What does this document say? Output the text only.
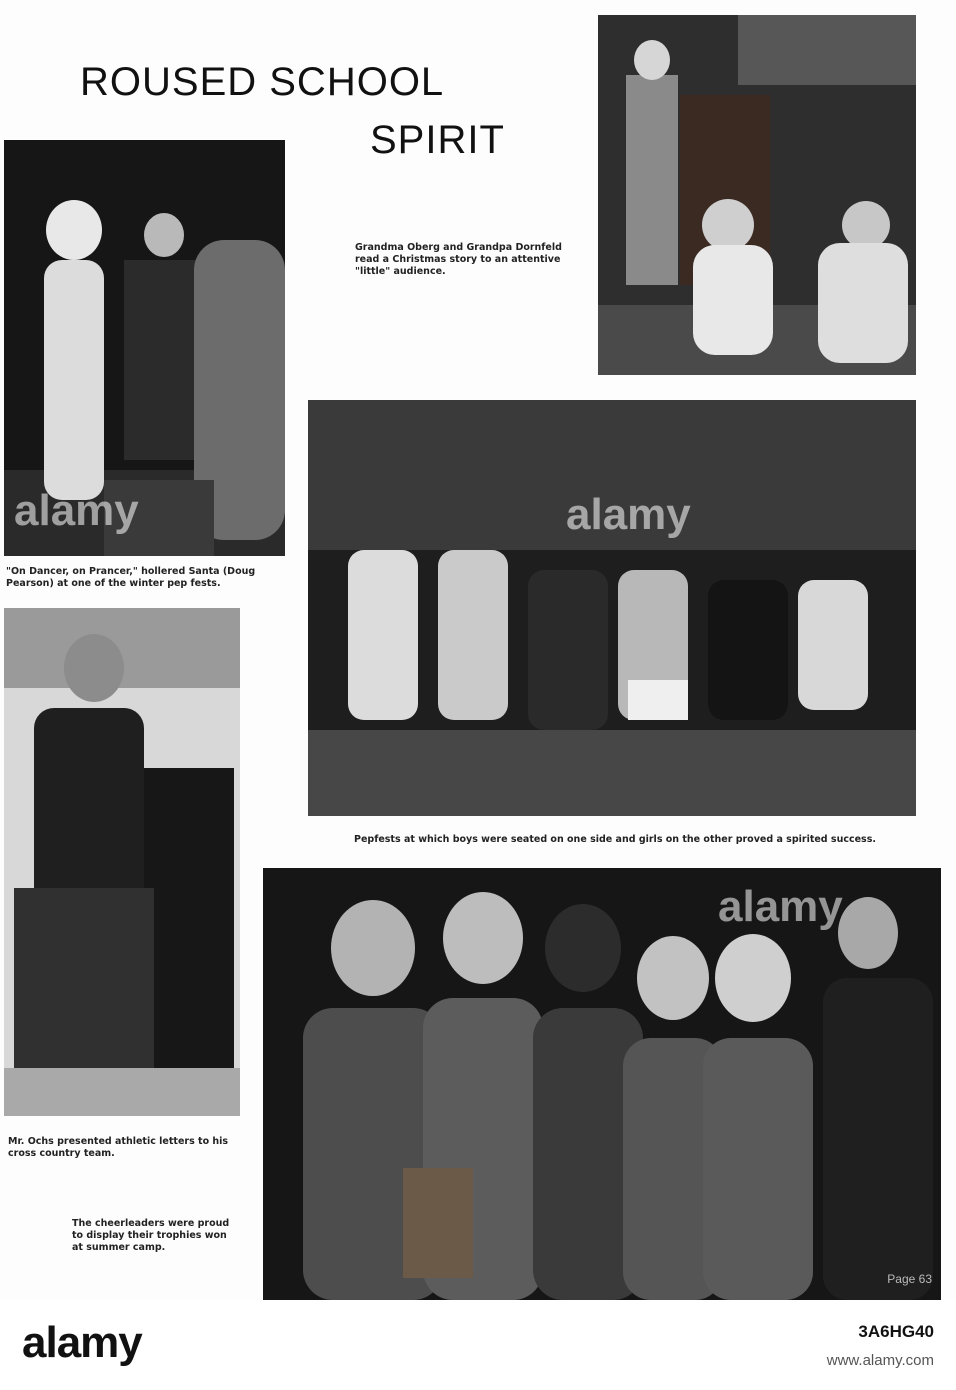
ROUSED SCHOOL
SPIRIT
alamy

"On Dancer, on Prancer," hollered Santa (Doug
Pearson) at one of the winter pep fests.

Grandma Oberg and Grandpa Dornfeld
read a Christmas story to an attentive
"little" audience.

alamy

Pepfests at which boys were seated on one side and girls on the other proved a spirited success.

Mr. Ochs presented athletic letters to his
cross country team.

alamy

The cheerleaders were proud
to display their trophies won
at summer camp.

Page 63
alamy	3A6HG40
www.alamy.com
